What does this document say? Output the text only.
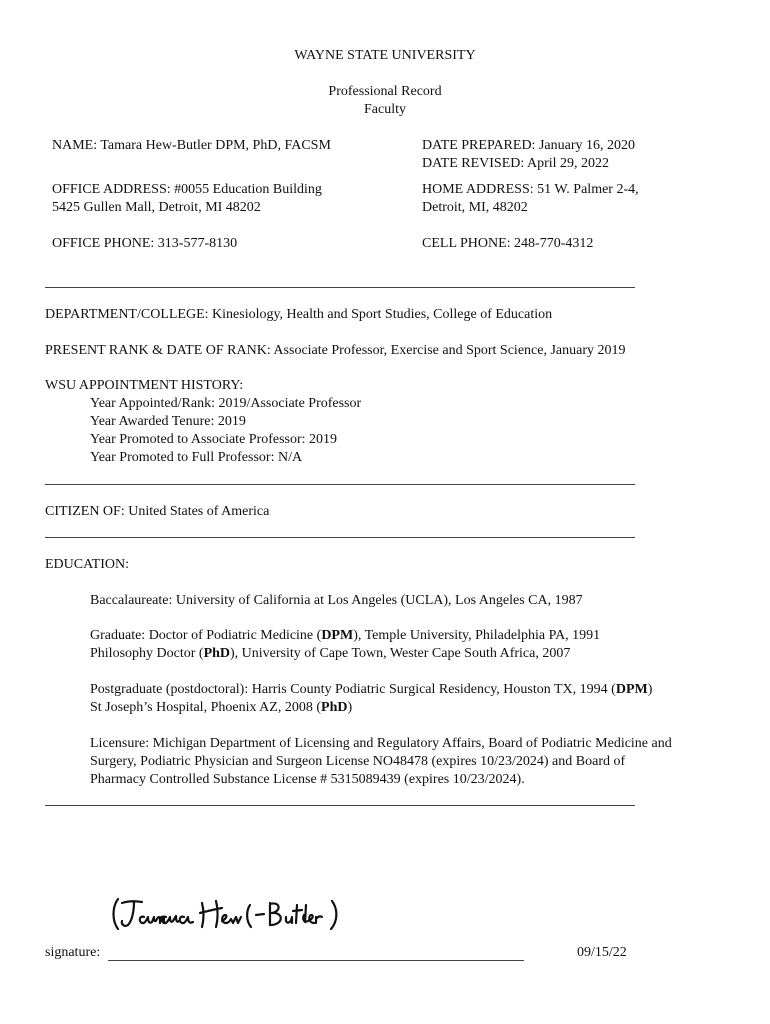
WAYNE STATE UNIVERSITY
Professional Record
Faculty
NAME: Tamara Hew-Butler DPM, PhD, FACSM	DATE PREPARED: January 16, 2020
DATE REVISED: April 29, 2022
OFFICE ADDRESS: #0055 Education Building
5425 Gullen Mall, Detroit, MI 48202
HOME ADDRESS: 51 W. Palmer 2-4,
Detroit, MI, 48202
OFFICE PHONE: 313-577-8130	CELL PHONE: 248-770-4312
DEPARTMENT/COLLEGE: Kinesiology, Health and Sport Studies, College of Education
PRESENT RANK & DATE OF RANK: Associate Professor, Exercise and Sport Science, January 2019
WSU APPOINTMENT HISTORY:
Year Appointed/Rank: 2019/Associate Professor
Year Awarded Tenure: 2019
Year Promoted to Associate Professor: 2019
Year Promoted to Full Professor: N/A
CITIZEN OF: United States of America
EDUCATION:
Baccalaureate: University of California at Los Angeles (UCLA), Los Angeles CA, 1987
Graduate: Doctor of Podiatric Medicine (DPM), Temple University, Philadelphia PA, 1991
Philosophy Doctor (PhD), University of Cape Town, Wester Cape South Africa, 2007
Postgraduate (postdoctoral): Harris County Podiatric Surgical Residency, Houston TX, 1994 (DPM)
St Joseph’s Hospital, Phoenix AZ, 2008 (PhD)
Licensure: Michigan Department of Licensing and Regulatory Affairs, Board of Podiatric Medicine and
Surgery, Podiatric Physician and Surgeon License NO48478 (expires 10/23/2024) and Board of
Pharmacy Controlled Substance License # 5315089439 (expires 10/23/2024).
signature:	09/15/22
